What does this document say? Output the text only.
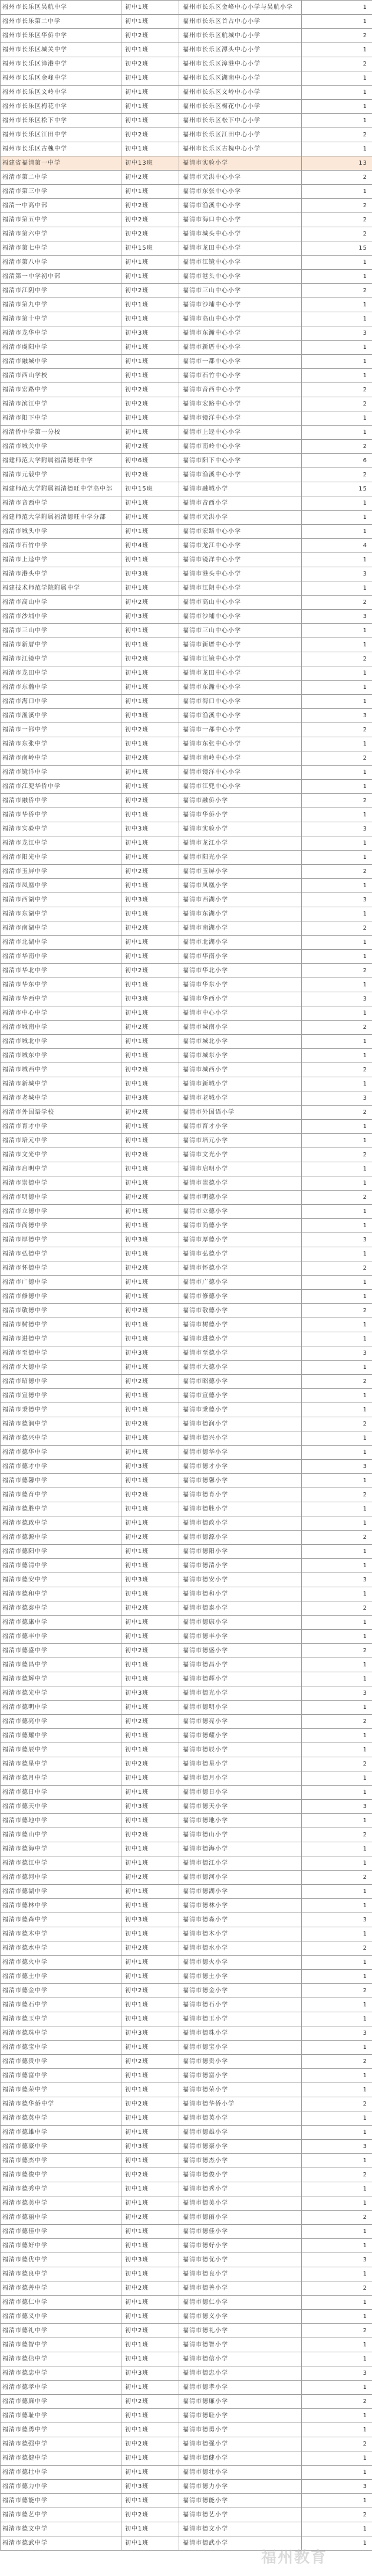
福州市长乐区吴航中学	初中1班	福州市长乐区金峰中心小学与吴航小学	1
福州市长乐第二中学	初中1班	福州市长乐区首占中心小学	1
福州市长乐区华侨中学	初中2班	福州市长乐区航城中心小学	2
福州市长乐区城关中学	初中1班	福州市长乐区潭头中心小学	1
福州市长乐区漳港中学	初中2班	福州市长乐区漳港中心小学	2
福州市长乐区金峰中学	初中1班	福州市长乐区湖南中心小学	1
福州市长乐区文岭中学	初中1班	福州市长乐区文岭中心小学	1
福州市长乐区梅花中学	初中1班	福州市长乐区梅花中心小学	1
福州市长乐区松下中学	初中1班	福州市长乐区松下中心小学	1
福州市长乐区江田中学	初中2班	福州市长乐区江田中心小学	2
福州市长乐区古槐中学	初中1班	福州市长乐区古槐中心小学	1
福建省福清第一中学	初中13班	福清市实验小学	13
福清市第二中学	初中2班	福清市元洪中心小学	2
福清市第三中学	初中1班	福清市东张中心小学	1
福清一中高中部	初中2班	福清市渔溪中心小学	2
福清市第五中学	初中2班	福清市海口中心小学	2
福清市第六中学	初中2班	福清市城头中心小学	2
福清市第七中学	初中15班	福清市龙田中心小学	15
福清市第八中学	初中1班	福清市江镜中心小学	1
福清第一中学初中部	初中1班	福清市港头中心小学	1
福清市江阴中学	初中2班	福清市三山中心小学	2
福清市第九中学	初中1班	福清市沙埔中心小学	1
福清市第十中学	初中1班	福清市高山中心小学	1
福清市龙华中学	初中3班	福清市东瀚中心小学	3
福清市虞阳中学	初中1班	福清市新厝中心小学	1
福清市融城中学	初中1班	福清市一都中心小学	1
福清市西山学校	初中1班	福清市石竹中心小学	1
福清市宏路中学	初中2班	福清市音西中心小学	2
福清市滨江中学	初中2班	福清市宏路中心小学	2
福清市阳下中学	初中1班	福清市镜洋中心小学	1
福清侨中学第一分校	初中1班	福清市上迳中心小学	1
福清市城关中学	初中2班	福清市南岭中心小学	2
福建师范大学附属福清德旺中学	初中6班	福清市阳下中心小学	6
福清市元载中学	初中2班	福清市渔溪中心小学	2
福建师范大学附属福清德旺中学高中部	初中15班	福清市融城小学	15
福清市音西中学	初中1班	福清市音西小学	1
福建师范大学附属福清德旺中学分部	初中1班	福清市元洪小学	1
福清市城头中学	初中1班	福清市宏路中心小学	1
福清市石竹中学	初中4班	福清市龙江中心小学	4
福清市上迳中学	初中1班	福清市镜洋中心小学	1
福清市港头中学	初中3班	福清市港头中心小学	3
福建技术师范学院附属中学	初中1班	福清市江阴中心小学	1
福清市高山中学	初中2班	福清市高山中心小学	2
福清市沙埔中学	初中3班	福清市沙埔中心小学	3
福清市三山中学	初中1班	福清市三山中心小学	1
福清市新厝中学	初中1班	福清市新厝中心小学	1
福清市江镜中学	初中2班	福清市江镜中心小学	2
福清市龙田中学	初中1班	福清市龙田中心小学	1
福清市东瀚中学	初中1班	福清市东瀚中心小学	1
福清市海口中学	初中1班	福清市海口中心小学	1
福清市渔溪中学	初中3班	福清市渔溪中心小学	3
福清市一都中学	初中2班	福清市一都中心小学	2
福清市东张中学	初中1班	福清市东张中心小学	1
福清市南岭中学	初中2班	福清市南岭中心小学	2
福清市镜洋中学	初中1班	福清市镜洋中心小学	1
福清市江兜华侨中学	初中1班	福清市江兜中心小学	1
福清市融侨中学	初中2班	福清市融侨小学	2
福清市华侨中学	初中1班	福清市华侨小学	1
福清市实验中学	初中3班	福清市实验小学	3
福清市龙江中学	初中1班	福清市龙江小学	1
福清市阳光中学	初中1班	福清市阳光小学	1
福清市玉屏中学	初中2班	福清市玉屏小学	2
福清市凤凰中学	初中1班	福清市凤凰小学	1
福清市西湖中学	初中3班	福清市西湖小学	3
福清市东湖中学	初中1班	福清市东湖小学	1
福清市南湖中学	初中2班	福清市南湖小学	2
福清市北湖中学	初中1班	福清市北湖小学	1
福清市华南中学	初中1班	福清市华南小学	1
福清市华北中学	初中2班	福清市华北小学	2
福清市华东中学	初中1班	福清市华东小学	1
福清市华西中学	初中3班	福清市华西小学	3
福清市中心中学	初中1班	福清市中心小学	1
福清市城南中学	初中2班	福清市城南小学	2
福清市城北中学	初中1班	福清市城北小学	1
福清市城东中学	初中1班	福清市城东小学	1
福清市城西中学	初中2班	福清市城西小学	2
福清市新城中学	初中1班	福清市新城小学	1
福清市老城中学	初中3班	福清市老城小学	3
福清市外国语学校	初中2班	福清市外国语小学	2
福清市育才中学	初中1班	福清市育才小学	1
福清市培元中学	初中1班	福清市培元小学	1
福清市文光中学	初中2班	福清市文光小学	2
福清市启明中学	初中1班	福清市启明小学	1
福清市崇德中学	初中1班	福清市崇德小学	1
福清市明德中学	初中2班	福清市明德小学	2
福清市立德中学	初中1班	福清市立德小学	1
福清市尚德中学	初中1班	福清市尚德小学	1
福清市厚德中学	初中3班	福清市厚德小学	3
福清市弘德中学	初中1班	福清市弘德小学	1
福清市怀德中学	初中2班	福清市怀德小学	2
福清市广德中学	初中1班	福清市广德小学	1
福清市修德中学	初中1班	福清市修德小学	1
福清市敬德中学	初中2班	福清市敬德小学	2
福清市树德中学	初中1班	福清市树德小学	1
福清市进德中学	初中1班	福清市进德小学	1
福清市至德中学	初中3班	福清市至德小学	3
福清市大德中学	初中1班	福清市大德小学	1
福清市昭德中学	初中2班	福清市昭德小学	2
福清市宣德中学	初中1班	福清市宣德小学	1
福清市秉德中学	初中1班	福清市秉德小学	1
福清市德润中学	初中2班	福清市德润小学	2
福清市德兴中学	初中1班	福清市德兴小学	1
福清市德华中学	初中1班	福清市德华小学	1
福清市德才中学	初中3班	福清市德才小学	3
福清市德馨中学	初中1班	福清市德馨小学	1
福清市德育中学	初中2班	福清市德育小学	2
福清市德胜中学	初中1班	福清市德胜小学	1
福清市德政中学	初中1班	福清市德政小学	1
福清市德源中学	初中2班	福清市德源小学	2
福清市德阳中学	初中1班	福清市德阳小学	1
福清市德清中学	初中1班	福清市德清小学	1
福清市德安中学	初中3班	福清市德安小学	3
福清市德和中学	初中1班	福清市德和小学	1
福清市德泰中学	初中2班	福清市德泰小学	2
福清市德康中学	初中1班	福清市德康小学	1
福清市德丰中学	初中1班	福清市德丰小学	1
福清市德盛中学	初中2班	福清市德盛小学	2
福清市德昌中学	初中1班	福清市德昌小学	1
福清市德辉中学	初中1班	福清市德辉小学	1
福清市德光中学	初中3班	福清市德光小学	3
福清市德明中学	初中1班	福清市德明小学	1
福清市德亮中学	初中2班	福清市德亮小学	2
福清市德耀中学	初中1班	福清市德耀小学	1
福清市德辰中学	初中1班	福清市德辰小学	1
福清市德星中学	初中2班	福清市德星小学	2
福清市德月中学	初中1班	福清市德月小学	1
福清市德日中学	初中1班	福清市德日小学	1
福清市德天中学	初中3班	福清市德天小学	3
福清市德地中学	初中1班	福清市德地小学	1
福清市德山中学	初中2班	福清市德山小学	2
福清市德海中学	初中1班	福清市德海小学	1
福清市德江中学	初中1班	福清市德江小学	1
福清市德河中学	初中2班	福清市德河小学	2
福清市德湖中学	初中1班	福清市德湖小学	1
福清市德林中学	初中1班	福清市德林小学	1
福清市德森中学	初中3班	福清市德森小学	3
福清市德木中学	初中1班	福清市德木小学	1
福清市德水中学	初中2班	福清市德水小学	2
福清市德火中学	初中1班	福清市德火小学	1
福清市德土中学	初中1班	福清市德土小学	1
福清市德金中学	初中2班	福清市德金小学	2
福清市德石中学	初中1班	福清市德石小学	1
福清市德玉中学	初中1班	福清市德玉小学	1
福清市德珠中学	初中3班	福清市德珠小学	3
福清市德宝中学	初中1班	福清市德宝小学	1
福清市德贵中学	初中2班	福清市德贵小学	2
福清市德富中学	初中1班	福清市德富小学	1
福清市德荣中学	初中1班	福清市德荣小学	1
福清市德华侨中学	初中2班	福清市德华侨小学	2
福清市德英中学	初中1班	福清市德英小学	1
福清市德雄中学	初中1班	福清市德雄小学	1
福清市德豪中学	初中3班	福清市德豪小学	3
福清市德杰中学	初中1班	福清市德杰小学	1
福清市德俊中学	初中2班	福清市德俊小学	2
福清市德秀中学	初中1班	福清市德秀小学	1
福清市德美中学	初中1班	福清市德美小学	1
福清市德丽中学	初中2班	福清市德丽小学	2
福清市德佳中学	初中1班	福清市德佳小学	1
福清市德好中学	初中1班	福清市德好小学	1
福清市德优中学	初中3班	福清市德优小学	3
福清市德良中学	初中1班	福清市德良小学	1
福清市德善中学	初中2班	福清市德善小学	2
福清市德仁中学	初中1班	福清市德仁小学	1
福清市德义中学	初中1班	福清市德义小学	1
福清市德礼中学	初中2班	福清市德礼小学	2
福清市德智中学	初中1班	福清市德智小学	1
福清市德信中学	初中1班	福清市德信小学	1
福清市德忠中学	初中3班	福清市德忠小学	3
福清市德孝中学	初中1班	福清市德孝小学	1
福清市德廉中学	初中2班	福清市德廉小学	2
福清市德耻中学	初中1班	福清市德耻小学	1
福清市德勇中学	初中1班	福清市德勇小学	1
福清市德强中学	初中2班	福清市德强小学	2
福清市德健中学	初中1班	福清市德健小学	1
福清市德壮中学	初中1班	福清市德壮小学	1
福清市德力中学	初中3班	福清市德力小学	3
福清市德能中学	初中1班	福清市德能小学	1
福清市德艺中学	初中2班	福清市德艺小学	2
福清市德文中学	初中1班	福清市德文小学	1
福清市德武中学	初中1班	福清市德武小学	1
福州教育
